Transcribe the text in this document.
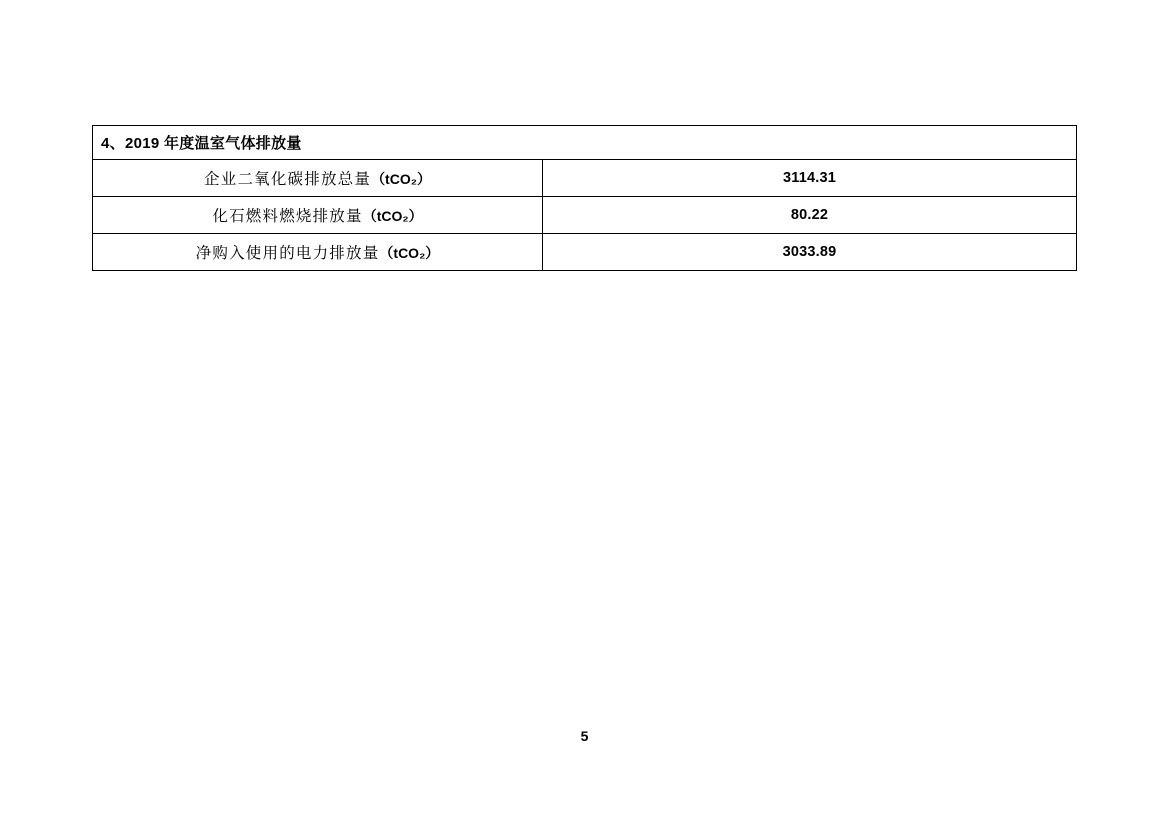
4、2019 年度温室气体排放量	
企业二氧化碳排放总量（tCO₂）	3114.31
化石燃料燃烧排放量（tCO₂）	80.22
净购入使用的电力排放量（tCO₂）	3033.89
5
